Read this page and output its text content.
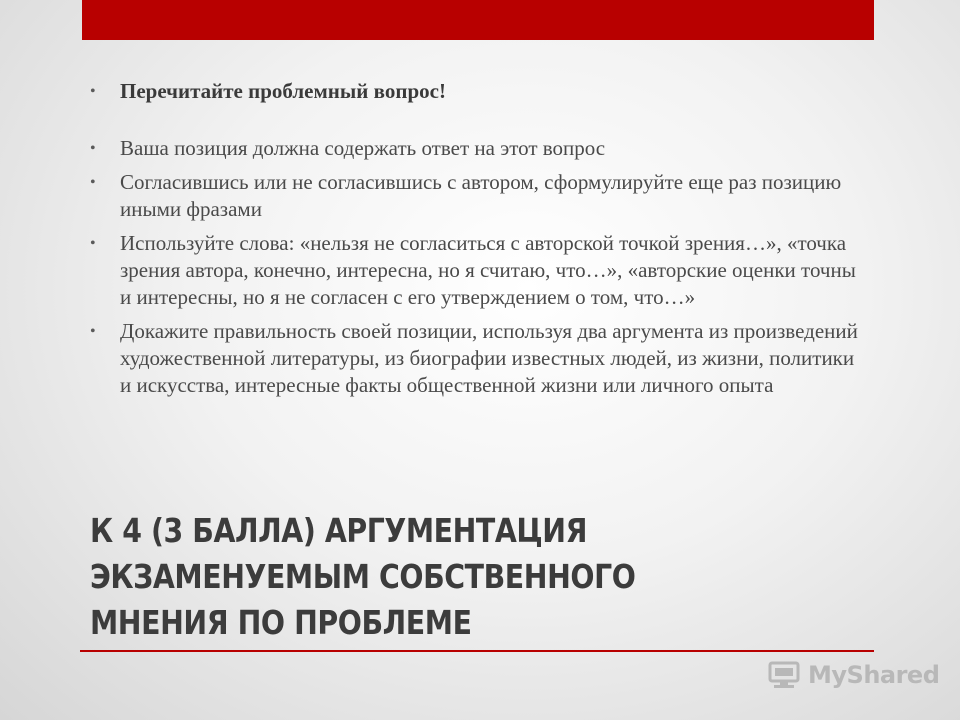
• Перечитайте проблемный вопрос!
• Ваша позиция должна содержать ответ на этот вопрос
• Согласившись или не согласившись с автором, сформулируйте еще раз позицию иными фразами
• Используйте слова: «нельзя не согласиться с авторской точкой зрения…», «точка зрения автора, конечно, интересна, но я считаю, что…», «авторские оценки точны и интересны, но я не согласен с его утверждением о том, что…»
• Докажите правильность своей позиции, используя два аргумента из произведений художественной литературы, из биографии известных людей, из жизни, политики и искусства, интересные факты общественной жизни или личного опыта
К 4 (3 БАЛЛА) АРГУМЕНТАЦИЯ ЭКЗАМЕНУЕМЫМ СОБСТВЕННОГО МНЕНИЯ ПО ПРОБЛЕМЕ
MyShared
